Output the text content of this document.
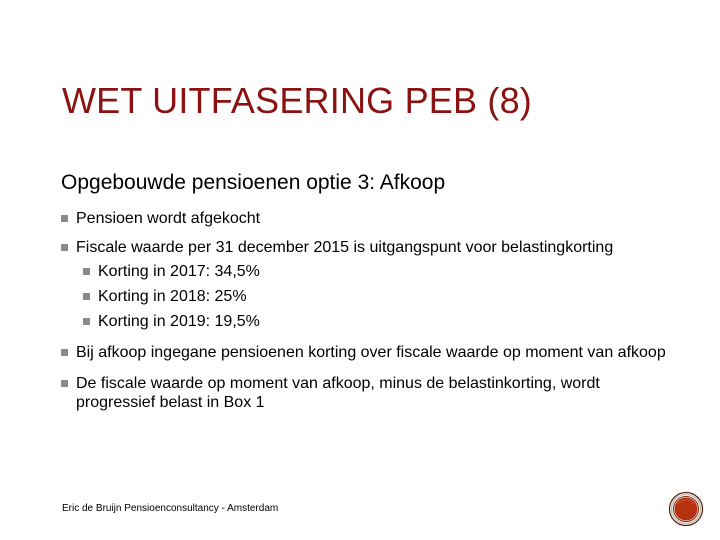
WET UITFASERING PEB (8)
Opgebouwde pensioenen optie 3: Afkoop
Pensioen wordt afgekocht
Fiscale waarde per 31 december 2015 is uitgangspunt voor belastingkorting
Korting in 2017: 34,5%
Korting in 2018: 25%
Korting in 2019: 19,5%
Bij afkoop ingegane pensioenen korting over fiscale waarde op moment van afkoop
De fiscale waarde op moment van afkoop, minus de belastinkorting, wordt progressief belast in Box 1
Eric de Bruijn Pensioenconsultancy - Amsterdam
